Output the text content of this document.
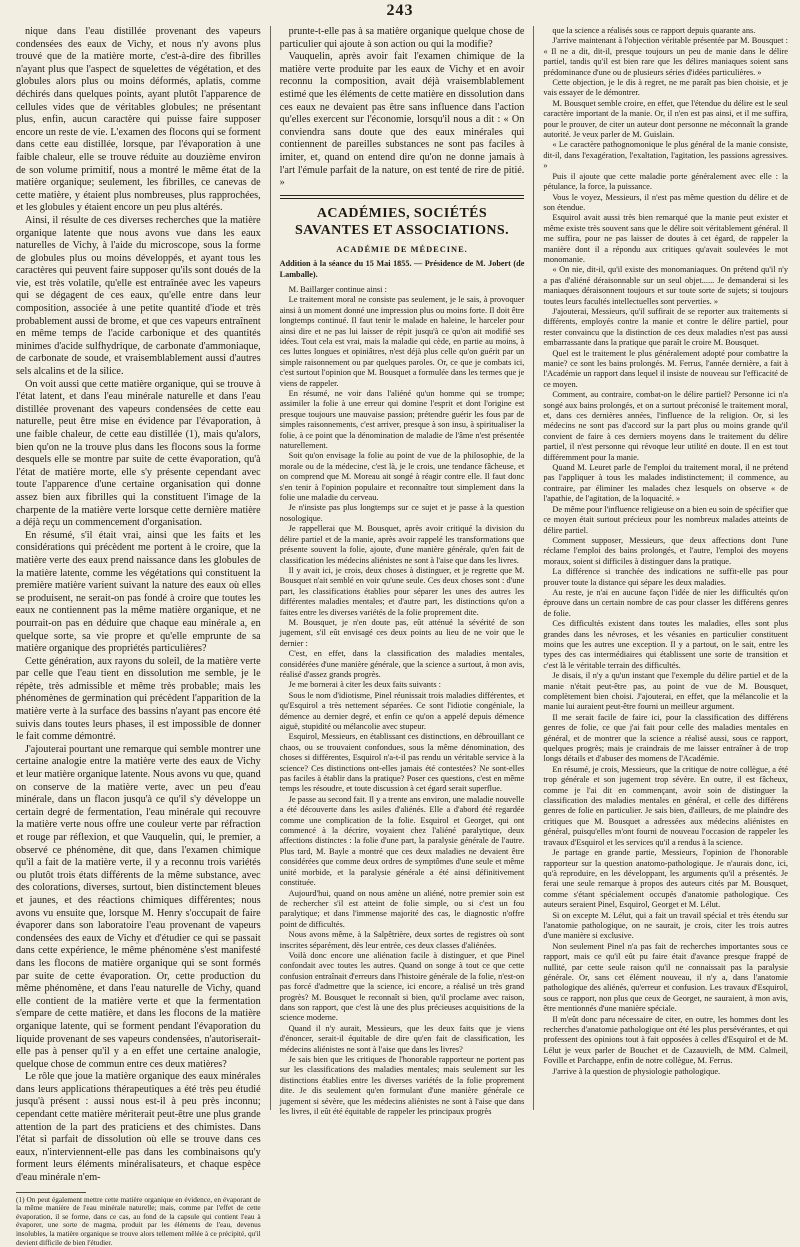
243

nique dans l'eau distillée provenant des vapeurs condensées des eaux de Vichy, et nous n'y avons plus trouvé que de la matière morte, c'est-à-dire des fibrilles n'ayant plus que l'aspect de squelettes de végétation, et des globules alors plus ou moins déformés, aplatis, comme déchirés dans quelques points, ayant plutôt l'apparence de cellules vides que de véritables globules; ne présentant plus, enfin, aucun caractère qui puisse faire supposer encore un reste de vie. L'examen des flocons qui se forment dans cette eau distillée, lorsque, par l'évaporation à une faible chaleur, elle se trouve réduite au douzième environ de son volume primitif, nous a montré le même état de la matière organique; seulement, les fibrilles, ce canevas de cette matière, y étaient plus nombreuses, plus rapprochées, et les globules y étaient encore un peu plus altérés.

Ainsi, il résulte de ces diverses recherches que la matière organique latente que nous avons vue dans les eaux naturelles de Vichy, à l'aide du microscope, sous la forme de globules plus ou moins développés, et ayant tous les caractères qui peuvent faire supposer qu'ils sont doués de la vie, est très volatile, qu'elle est entraînée avec les vapeurs qui se dégagent de ces eaux, qu'elle entre dans leur composition, associée à une petite quantité d'iode et très probablement aussi de brome, et que ces vapeurs entraînent en même temps de l'acide carbonique et des quantités minimes d'acide sulfhydrique, de carbonate d'ammoniaque, de carbonate de soude, et vraisemblablement aussi d'autres sels alcalins et de la silice.

On voit aussi que cette matière organique, qui se trouve à l'état latent, et dans l'eau minérale naturelle et dans l'eau distillée provenant des vapeurs condensées de cette eau naturelle, peut être mise en évidence par l'évaporation, à une faible chaleur, de cette eau distillée (1), mais qu'alors, bien qu'on ne la trouve plus dans les flocons sous la forme desquels elle se montre par suite de cette évaporation, qu'à l'état de matière morte, elle s'y présente cependant avec toute l'apparence d'une certaine organisation qui donne assez bien aux fibrilles qui la constituent l'image de la charpente de la matière verte lorsque cette dernière matière a déjà reçu un commencement d'organisation.

En résumé, s'il était vrai, ainsi que les faits et les considérations qui précèdent me portent à le croire, que la matière verte des eaux prend naissance dans les globules de la matière latente, comme les végétations qui constituent la première matière varient suivant la nature des eaux où elles se produisent, ne serait-on pas fondé à croire que toutes les eaux ne contiennent pas la même matière organique, et ne pourrait-on pas en déduire que chaque eau minérale a, en quelque sorte, sa vie propre et qu'elle emprunte de sa matière organique des propriétés particulières?

Cette génération, aux rayons du soleil, de la matière verte par celle que l'eau tient en dissolution me semble, je le répète, très admissible et même très probable; mais les phénomènes de germination qui précèdent l'apparition de la matière verte à la surface des bassins n'ayant pas encore été suivis dans toutes leurs phases, il est impossible de donner le fait comme démontré.

J'ajouterai pourtant une remarque qui semble montrer une certaine analogie entre la matière verte des eaux de Vichy et leur matière organique latente. Nous avons vu que, quand on conserve de la matière verte, avec un peu d'eau minérale, dans un flacon jusqu'à ce qu'il s'y développe un certain degré de fermentation, l'eau minérale qui recouvre la matière verte nous offre une couleur verte par réfraction et rouge par réflexion, et que Vauquelin, qui, le premier, a observé ce phénomène, dit que, dans l'examen chimique qu'il a fait de la matière verte, il y a reconnu trois variétés ou plutôt trois états différents de la même substance, avec des colorations, diverses, surtout, bien distinctement bleues et jaunes, et des réactions chimiques différentes; nous avons vu ensuite que, lorsque M. Henry s'occupait de faire évaporer dans son laboratoire l'eau provenant de vapeurs condensées des eaux de Vichy et d'étudier ce qui se passait dans cette expérience, le même phénomène s'est manifesté dans les flocons de matière organique qui se sont formés par suite de cette évaporation. Or, cette production du même phénomène, et dans l'eau naturelle de Vichy, quand elle contient de la matière verte et que la fermentation s'empare de cette matière, et dans les flocons de la matière organique latente, qui se forment pendant l'évaporation du liquide provenant de ses vapeurs condensées, n'autoriserait-elle pas à penser qu'il y a en effet une certaine analogie, quelque chose de commun entre ces deux matières?

Le rôle que joue la matière organique des eaux minérales dans leurs applications thérapeutiques a été très peu étudié jusqu'à présent : aussi nous est-il à peu près inconnu; cependant cette matière mériterait peut-être une plus grande attention de la part des praticiens et des chimistes. Dans l'état si parfait de dissolution où elle se trouve dans ces eaux, n'interviennent-elle pas dans les combinaisons qu'y forment leurs éléments minéralisateurs, et chaque espèce d'eau minérale n'em-

(1) On peut également mettre cette matière organique en évidence, en évaporant de la même manière de l'eau minérale naturelle; mais, comme par l'effet de cette évaporation, il se forme, dans ce cas, au fond de la capsule qui contient l'eau à évaporer, une sorte de magma, produit par les éléments de l'eau, devenus insolubles, la matière organique se trouve alors tellement mêlée à ce précipité, qu'il devient difficile de bien l'étudier.

prunte-t-elle pas à sa matière organique quelque chose de particulier qui ajoute à son action ou qui la modifie?

Vauquelin, après avoir fait l'examen chimique de la matière verte produite par les eaux de Vichy et en avoir reconnu la composition, avait déjà vraisemblablement estimé que les éléments de cette matière en dissolution dans ces eaux ne devaient pas être sans influence dans l'action qu'elles exercent sur l'économie, lorsqu'il nous a dit : « On conviendra sans doute que des eaux minérales qui contiennent de pareilles substances ne sont pas faciles à imiter, et, quand on entend dire qu'on ne donne jamais à l'art l'émule parfait de la nature, on est tenté de rire de pitié. »

ACADÉMIES, SOCIÉTÉS SAVANTES ET ASSOCIATIONS.
ACADÉMIE DE MÉDECINE.
Addition à la séance du 15 Mai 1855. — Présidence de M. Jobert (de Lamballe).

M. Baillarger continue ainsi :

Le traitement moral ne consiste pas seulement, je le sais, à provoquer ainsi à un moment donné une impression plus ou moins forte. Il doit être longtemps continué. Il faut tenir le malade en haleine, le harceler pour ainsi dire et ne pas lui laisser de répit jusqu'à ce qu'on ait modifié ses idées. Tout cela est vrai, mais la maladie qui cède, en partie au moins, à ces luttes longues et opiniâtres, n'est déjà plus celle qu'on guérit par un simple raisonnement ou par quelques paroles. Or, ce que je combats ici, c'est surtout l'opinion que M. Bousquet a formulée dans les termes que je viens de rappeler.

En résumé, ne voir dans l'aliéné qu'un homme qui se trompe; assimiler la folie à une erreur qui domine l'esprit et dont l'origine est presque toujours une mauvaise passion; prétendre guérir les fous par de simples raisonnements, c'est arriver, presque à son insu, à spiritualiser la folie, à ce point que la dénomination de maladie de l'âme n'est présentée naturellement.

Soit qu'on envisage la folie au point de vue de la philosophie, de la morale ou de la médecine, c'est là, je le crois, une tendance fâcheuse, et on comprend que M. Moreau ait songé à réagir contre elle. Il faut donc s'en tenir à l'opinion populaire et reconnaître tout simplement dans la folie une maladie du cerveau.

Je n'insiste pas plus longtemps sur ce sujet et je passe à la question nosologique.

Je rappellerai que M. Bousquet, après avoir critiqué la division du délire partiel et de la manie, après avoir rappelé les transformations que présente souvent la folie, ajoute, d'une manière générale, qu'en fait de classification les médecins aliénistes ne sont à l'aise que dans les livres.

Il y avait ici, je crois, deux choses à distinguer, et je regrette que M. Bousquet n'ait semblé en voir qu'une seule. Ces deux choses sont : d'une part, les classifications établies pour séparer les unes des autres les différentes maladies mentales; et d'autre part, les distinctions qu'on a faites entre les diverses variétés de la folie proprement dite.

M. Bousquet, je n'en doute pas, eût atténué la sévérité de son jugement, s'il eût envisagé ces deux points au lieu de ne voir que le dernier :

C'est, en effet, dans la classification des maladies mentales, considérées d'une manière générale, que la science a surtout, à mon avis, réalisé d'assez grands progrès.

Je me bornerai à citer les deux faits suivants :

Sous le nom d'idiotisme, Pinel réunissait trois maladies différentes, et qu'Esquirol a très nettement séparées. Ce sont l'idiotie congéniale, la démence au dernier degré, et enfin ce qu'on a appelé depuis démence aiguë, stupidité ou mélancolie avec stupeur.

Esquirol, Messieurs, en établissant ces distinctions, en débrouillant ce chaos, ou se trouvaient confondues, sous la même dénomination, des choses si différentes, Esquirol n'a-t-il pas rendu un véritable service à la science? Ces distinctions ont-elles jamais été contestées? Ne sont-elles pas faciles à établir dans la pratique? Poser ces questions, c'est en même temps les résoudre, et toute discussion à cet égard serait superflue.

Je passe au second fait. Il y a trente ans environ, une maladie nouvelle a été découverte dans les asiles d'aliénés. Elle a d'abord été regardée comme une complication de la folie. Esquirol et Georget, qui ont commencé à la décrire, voyaient chez l'aliéné paralytique, deux affections distinctes : la folie d'une part, la paralysie générale de l'autre. Plus tard, M. Bayle a montré que ces deux maladies ne devaient être considérées que comme deux ordres de symptômes d'une seule et même unité morbide, et la paralysie générale a été ainsi définitivement constituée.

Aujourd'hui, quand on nous amène un aliéné, notre premier soin est de rechercher s'il est atteint de folie simple, ou si c'est un fou paralytique; et dans l'immense majorité des cas, le diagnostic n'offre point de difficultés.

Nous avons même, à la Salpêtrière, deux sortes de registres où sont inscrites séparément, dès leur entrée, ces deux classes d'aliénées.

Voilà donc encore une aliénation facile à distinguer, et que Pinel confondait avec toutes les autres. Quand on songe à tout ce que cette confusion entraînait d'erreurs dans l'histoire générale de la folie, n'est-on pas forcé d'admettre que la science, ici encore, a réalisé un très grand progrès? M. Bousquet le reconnaît si bien, qu'il proclame avec raison, dans son rapport, que c'est là une des plus précieuses acquisitions de la science moderne.

Quand il n'y aurait, Messieurs, que les deux faits que je viens d'énoncer, serait-il équitable de dire qu'en fait de classification, les médecins aliénistes ne sont à l'aise que dans les livres?

Je sais bien que les critiques de l'honorable rapporteur ne portent pas sur les classifications des maladies mentales; mais seulement sur les distinctions établies entre les diverses variétés de la folie proprement dite. Je dis seulement qu'en formulant d'une manière générale ce jugement si sévère, que les médecins aliénistes ne sont à l'aise que dans les livres, il eût été équitable de rappeler les principaux progrès

que la science a réalisés sous ce rapport depuis quarante ans.

J'arrive maintenant à l'objection véritable présentée par M. Bousquet : « Il ne a dit, dit-il, presque toujours un peu de manie dans le délire partiel, tandis qu'il est bien rare que les délires maniaques soient sans prédominance d'une ou de plusieurs séries d'idées particulières. »

Cette objection, je le dis à regret, ne me paraît pas bien choisie, et je vais essayer de le démontrer.

M. Bousquet semble croire, en effet, que l'étendue du délire est le seul caractère important de la manie. Or, il n'en est pas ainsi, et il me suffira, pour le prouver, de citer un auteur dont personne ne méconnaît la grande autorité. Je veux parler de M. Guislain.

« Le caractère pathognomonique le plus général de la manie consiste, dit-il, dans l'exagération, l'exaltation, l'agitation, les passions agressives. »

Puis il ajoute que cette maladie porte généralement avec elle : la pétulance, la force, la puissance.

Vous le voyez, Messieurs, il n'est pas même question du délire et de son étendue.

Esquirol avait aussi très bien remarqué que la manie peut exister et même existe très souvent sans que le délire soit véritablement général. Il me suffira, pour ne pas laisser de doutes à cet égard, de rappeler la manière dont il a répondu aux critiques qu'avait soulevées le mot monomanie.

« On nie, dit-il, qu'il existe des monomaniaques. On prétend qu'il n'y a pas d'aliéné déraisonnable sur un seul objet...... Je demanderai si les maniaques déraisonnent toujours et sur toute sorte de sujets; si toujours toutes leurs facultés intellectuelles sont perverties. »

J'ajouterai, Messieurs, qu'il suffirait de se reporter aux traitements si différents, employés contre la manie et contre le délire partiel, pour rester convaincu que la distinction de ces deux maladies n'est pas aussi embarrassante dans la pratique que paraît le croire M. Bousquet.

Quel est le traitement le plus généralement adopté pour combattre la manie? ce sont les bains prolongés. M. Ferrus, l'année dernière, a fait à l'Académie un rapport dans lequel il insiste de nouveau sur l'efficacité de ce moyen.

Comment, au contraire, combat-on le délire partiel? Personne ici n'a songé aux bains prolongés, et on a surtout préconisé le traitement moral, et, dans ces dernières années, l'influence de la religion. Or, si les médecins ne sont pas d'accord sur la part plus ou moins grande qu'il convient de faire à ces derniers moyens dans le traitement du délire partiel, il n'est personne qui révoque leur utilité en doute. Il en est tout différemment pour la manie.

Quand M. Leuret parle de l'emploi du traitement moral, il ne prétend pas l'appliquer à tous les malades indistinctement; il commence, au contraire, par éliminer les malades chez lesquels on observe « de l'apathie, de l'agitation, de la loquacité. »

De même pour l'influence religieuse on a bien eu soin de spécifier que ce moyen était surtout précieux pour les nombreux malades atteints de délire partiel.

Comment supposer, Messieurs, que deux affections dont l'une réclame l'emploi des bains prolongés, et l'autre, l'emploi des moyens moraux, soient si difficiles à distinguer dans la pratique.

La différence si tranchée des indications ne suffit-elle pas pour prouver toute la distance qui sépare les deux maladies.

Au reste, je n'ai en aucune façon l'idée de nier les difficultés qu'on éprouve dans un certain nombre de cas pour classer les différens genres de folie.

Ces difficultés existent dans toutes les maladies, elles sont plus grandes dans les névroses, et les vésanies en particulier constituent moins que les autres une exception. Il y a partout, on le sait, entre les types des cas intermédiaires qui établissent une sorte de transition et c'est là le véritable terrain des difficultés.

Je disais, il n'y a qu'un instant que l'exemple du délire partiel et de la manie n'était peut-être pas, au point de vue de M. Bousquet, complètement bien choisi. J'ajouterai, en effet, que la mélancolie et la manie lui auraient peut-être fourni un meilleur argument.

Il me serait facile de faire ici, pour la classification des différens genres de folie, ce que j'ai fait pour celle des maladies mentales en général, et de montrer que la science a réalisé aussi, sous ce rapport, quelques progrès; mais je craindrais de me laisser entraîner à de trop longs détails et d'abuser des momens de l'Académie.

En résumé, je crois, Messieurs, que la critique de notre collègue, a été trop générale et son jugement trop sévère. En outre, il est fâcheux, comme je l'ai dit en commençant, avoir soin de distinguer la classification des maladies mentales en général, et celle des différens genres de folie en particulier. Je sais bien, d'ailleurs, de me plaindre des critiques que M. Bousquet a adressées aux médecins aliénistes en général, puisqu'elles m'ont fourni de nouveau l'occasion de rappeler les travaux d'Esquirol et les services qu'il a rendus à la science.

Je partage en grande partie, Messieurs, l'opinion de l'honorable rapporteur sur la question anatomo-pathologique. Je n'aurais donc, ici, qu'à reproduire, en les développant, les arguments qu'il a présentés. Je ferai une seule remarque à propos des auteurs cités par M. Bousquet, comme s'étant spécialement occupés d'anatomie pathologique. Ces auteurs seraient Pinel, Esquirol, Georget et M. Lélut.

Si on excepte M. Lélut, qui a fait un travail spécial et très étendu sur l'anatomie pathologique, on ne saurait, je crois, citer les trois autres d'une manière si exclusive.

Non seulement Pinel n'a pas fait de recherches importantes sous ce rapport, mais ce qu'il eût pu faire était d'avance presque frappé de nullité, par cette seule raison qu'il ne connaissait pas la paralysie générale. Or, sans cet élément nouveau, il n'y a, dans l'anatomie pathologique des aliénés, qu'erreur et confusion. Les travaux d'Esquirol, sous ce rapport, non plus que ceux de Georget, ne sauraient, à mon avis, être mentionnés d'une manière spéciale.

Il m'eût donc paru nécessaire de citer, en outre, les hommes dont les recherches d'anatomie pathologique ont été les plus persévérantes, et qui professent des opinions tout à fait opposées à celles d'Esquirol et de M. Lélut je veux parler de Bouchet et de Cazauvielh, de MM. Calmeil, Foville et Parchappe, enfin de notre collègue, M. Ferrus.

J'arrive à la question de physiologie pathologique.
